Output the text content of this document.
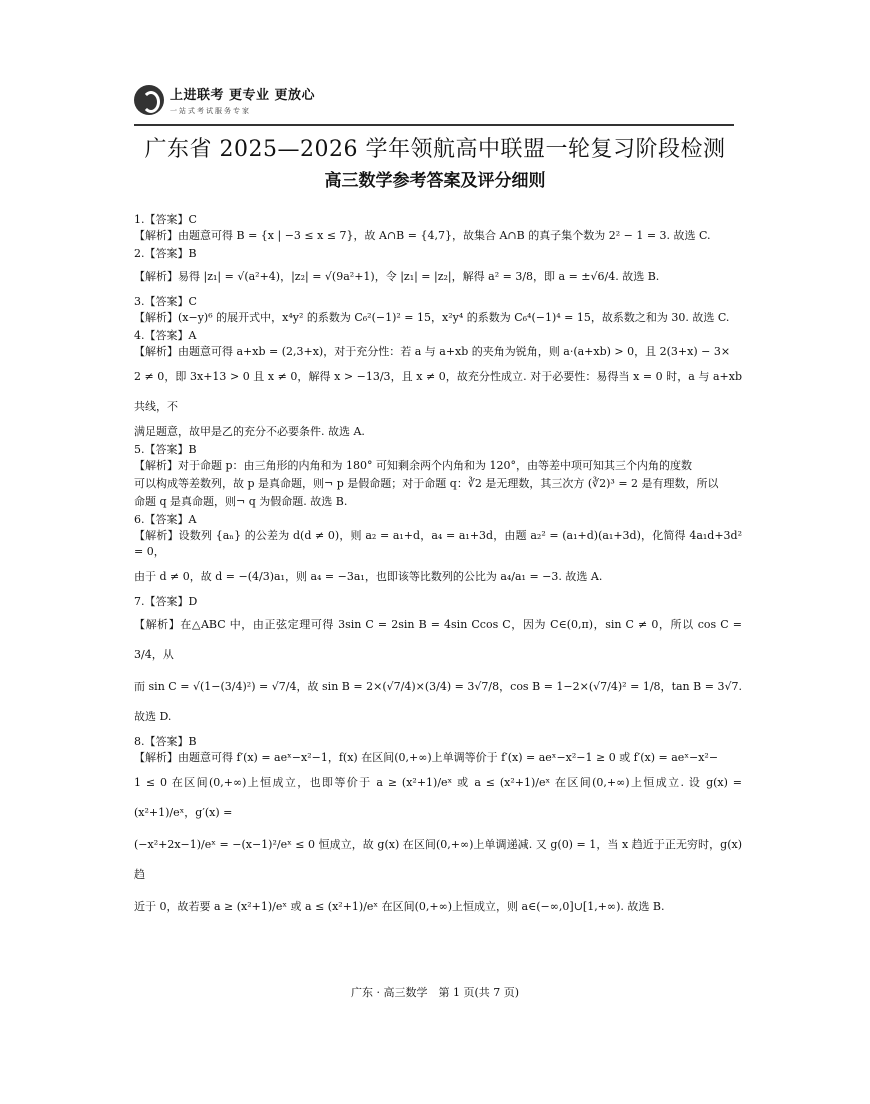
上进联考 更专业 更放心
一站式考试服务专家
广东省 2025—2026 学年领航高中联盟一轮复习阶段检测
高三数学参考答案及评分细则
1.【答案】C
【解析】由题意可得 B = {x | −3 ≤ x ≤ 7}，故 A∩B = {4,7}，故集合 A∩B 的真子集个数为 2² − 1 = 3. 故选 C.
2.【答案】B
【解析】易得 |z₁| = √(a²+4)，|z₂| = √(9a²+1)，令 |z₁| = |z₂|，解得 a² = 3/8，即 a = ±√6/4. 故选 B.
3.【答案】C
【解析】(x−y)⁶ 的展开式中，x⁴y² 的系数为 C₆²(−1)² = 15，x²y⁴ 的系数为 C₆⁴(−1)⁴ = 15，故系数之和为 30. 故选 C.
4.【答案】A
【解析】由题意可得 a+xb = (2,3+x)，对于充分性：若 a 与 a+xb 的夹角为锐角，则 a·(a+xb) > 0，且 2(3+x) − 3×
2 ≠ 0，即 3x+13 > 0 且 x ≠ 0，解得 x > −13/3，且 x ≠ 0，故充分性成立. 对于必要性：易得当 x = 0 时，a 与 a+xb 共线，不
满足题意，故甲是乙的充分不必要条件. 故选 A.
5.【答案】B
【解析】对于命题 p：由三角形的内角和为 180° 可知剩余两个内角和为 120°，由等差中项可知其三个内角的度数
可以构成等差数列，故 p 是真命题，则¬ p 是假命题；对于命题 q：∛2 是无理数，其三次方 (∛2)³ = 2 是有理数，所以
命题 q 是真命题，则¬ q 为假命题. 故选 B.
6.【答案】A
【解析】设数列 {aₙ} 的公差为 d(d ≠ 0)，则 a₂ = a₁+d，a₄ = a₁+3d，由题 a₂² = (a₁+d)(a₁+3d)，化简得 4a₁d+3d² = 0，
由于 d ≠ 0，故 d = −(4/3)a₁，则 a₄ = −3a₁，也即该等比数列的公比为 a₄/a₁ = −3. 故选 A.
7.【答案】D
【解析】在△ABC 中，由正弦定理可得 3sin C = 2sin B = 4sin Ccos C，因为 C∈(0,π)，sin C ≠ 0，所以 cos C = 3/4，从
而 sin C = √(1−(3/4)²) = √7/4，故 sin B = 2×(√7/4)×(3/4) = 3√7/8，cos B = 1−2×(√7/4)² = 1/8，tan B = 3√7. 故选 D.
8.【答案】B
【解析】由题意可得 f′(x) = aeˣ−x²−1，f(x) 在区间(0,+∞)上单调等价于 f′(x) = aeˣ−x²−1 ≥ 0 或 f′(x) = aeˣ−x²−
1 ≤ 0 在区间(0,+∞)上恒成立，也即等价于 a ≥ (x²+1)/eˣ 或 a ≤ (x²+1)/eˣ 在区间(0,+∞)上恒成立. 设 g(x) = (x²+1)/eˣ，g′(x) =
(−x²+2x−1)/eˣ = −(x−1)²/eˣ ≤ 0 恒成立，故 g(x) 在区间(0,+∞)上单调递减. 又 g(0) = 1，当 x 趋近于正无穷时，g(x) 趋
近于 0，故若要 a ≥ (x²+1)/eˣ 或 a ≤ (x²+1)/eˣ 在区间(0,+∞)上恒成立，则 a∈(−∞,0]∪[1,+∞). 故选 B.
广东 · 高三数学　第 1 页(共 7 页)
